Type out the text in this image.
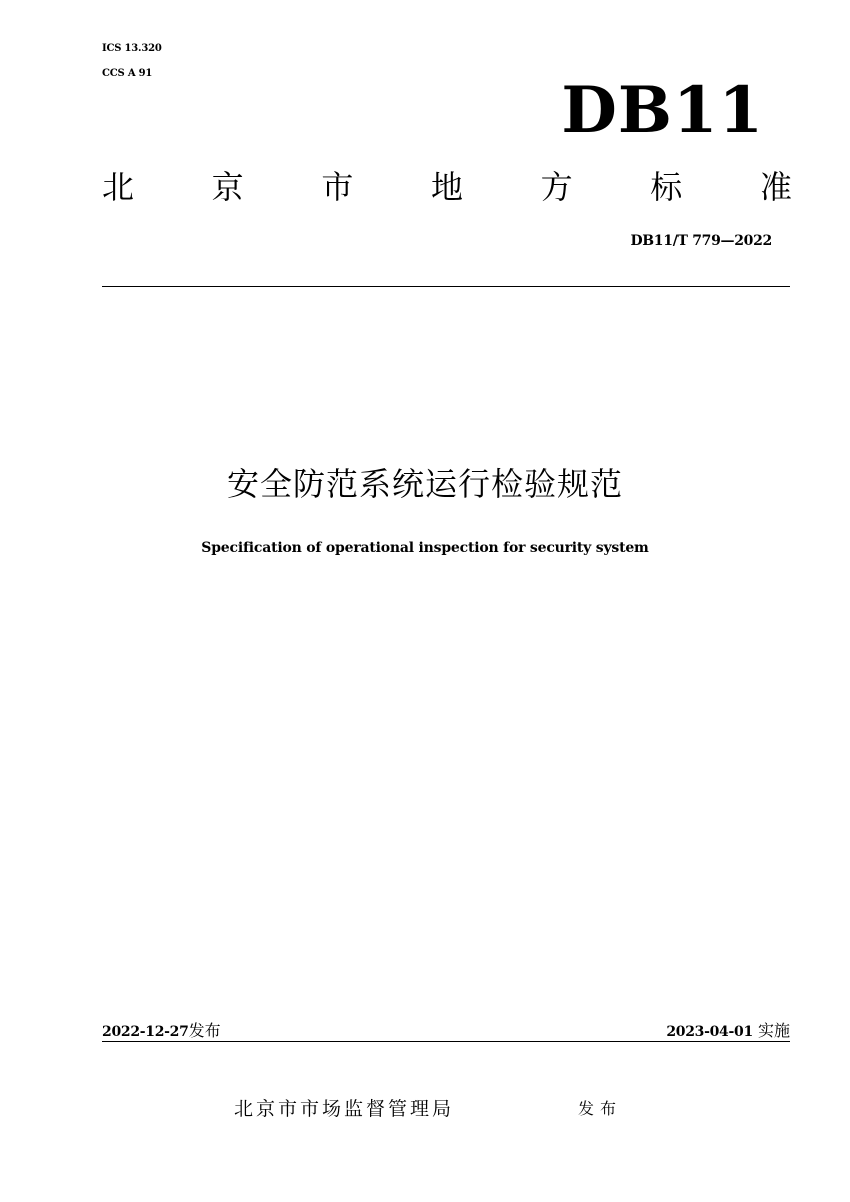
ICS 13.320
CCS A 91	DB11
北 京 市 地 方 标 准
DB11/T 779—2022
安全防范系统运行检验规范
Specification of operational inspection for security system
2022-12-27发布	2023-04-01 实施
北京市市场监督管理局	发布
